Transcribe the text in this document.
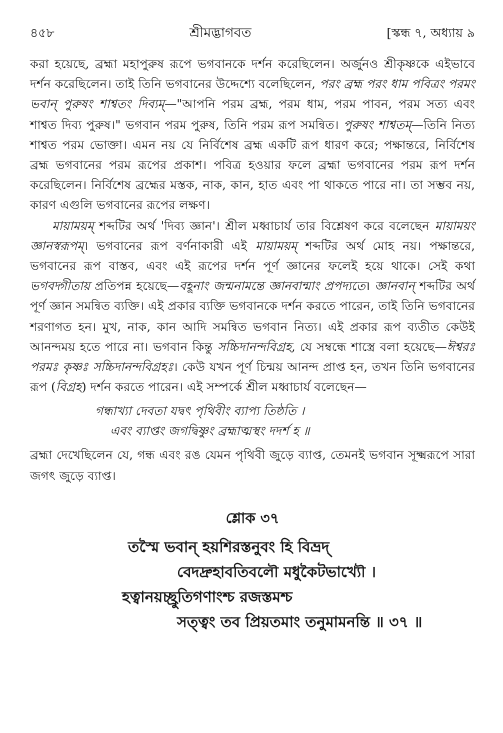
৪৫৮	শ্রীমদ্ভাগবত	[স্কন্ধ ৭, অধ্যায় ৯

করা হয়েছে, ব্রহ্মা মহাপুরুষ রূপে ভগবানকে দর্শন করেছিলেন। অর্জুনও শ্রীকৃষ্ণকে এইভাবে দর্শন করেছিলেন। তাই তিনি ভগবানের উদ্দেশ্যে বলেছিলেন, পরং ব্রহ্ম পরং ধাম পবিত্রং পরমং ভবান্ পুরুষং শাশ্বতং দিব্যম্—"আপনি পরম ব্রহ্ম, পরম ধাম, পরম পাবন, পরম সত্য এবং শাশ্বত দিব্য পুরুষ।" ভগবান পরম পুরুষ, তিনি পরম রূপ সমন্বিত। পুরুষং শাশ্বতম্—তিনি নিত্য শাশ্বত পরম ভোক্তা। এমন নয় যে নির্বিশেষ ব্রহ্ম একটি রূপ ধারণ করে; পক্ষান্তরে, নির্বিশেষ ব্রহ্ম ভগবানের পরম রূপের প্রকাশ। পবিত্র হওয়ার ফলে ব্রহ্মা ভগবানের পরম রূপ দর্শন করেছিলেন। নির্বিশেষ ব্রহ্মের মস্তক, নাক, কান, হাত এবং পা থাকতে পারে না। তা সম্ভব নয়, কারণ এগুলি ভগবানের রূপের লক্ষণ।

মায়াময়ম্ শব্দটির অর্থ 'দিব্য জ্ঞান'। শ্রীল মধ্বাচার্য তার বিশ্লেষণ করে বলেছেন মায়াময়ং জ্ঞানস্বরূপম্। ভগবানের রূপ বর্ণনাকারী এই মায়াময়ম্ শব্দটির অর্থ মোহ নয়। পক্ষান্তরে, ভগবানের রূপ বাস্তব, এবং এই রূপের দর্শন পূর্ণ জ্ঞানের ফলেই হয়ে থাকে। সেই কথা ভগবদ্গীতায় প্রতিপন্ন হয়েছে—বহূনাং জন্মনামন্তে জ্ঞানবান্মাং প্রপদ্যতে। জ্ঞানবান্ শব্দটির অর্থ পূর্ণ জ্ঞান সমন্বিত ব্যক্তি। এই প্রকার ব্যক্তি ভগবানকে দর্শন করতে পারেন, তাই তিনি ভগবানের শরণাগত হন। মুখ, নাক, কান আদি সমন্বিত ভগবান নিত্য। এই প্রকার রূপ ব্যতীত কেউই আনন্দময় হতে পারে না। ভগবান কিন্তু সচ্চিদানন্দবিগ্রহ, যে সম্বন্ধে শাস্ত্রে বলা হয়েছে—ঈশ্বরঃ পরমঃ কৃষ্ণঃ সচ্চিদানন্দবিগ্রহঃ। কেউ যখন পূর্ণ চিন্ময় আনন্দ প্রাপ্ত হন, তখন তিনি ভগবানের রূপ (বিগ্রহ) দর্শন করতে পারেন। এই সম্পর্কে শ্রীল মধ্বাচার্য বলেছেন—

গন্ধাখ্যা দেবতা যদ্বৎ পৃথিবীং ব্যাপ্য তিষ্ঠতি ।
এবং ব্যাপ্তং জগদ্বিষ্ণুং ব্রহ্মাত্মস্থং দদর্শ হ ॥

ব্রহ্মা দেখেছিলেন যে, গন্ধ এবং রঙ যেমন পৃথিবী জুড়ে ব্যাপ্ত, তেমনই ভগবান সূক্ষ্মরূপে সারা জগৎ জুড়ে ব্যাপ্ত।

শ্লোক ৩৭
তস্মৈ ভবান্ হয়শিরস্তনুবং হি বিভ্রদ্
বেদদ্রুহাবতিবলৌ মধুকৈটভাখ্যৌ ।
হত্বানয়চ্ছ্রুতিগণাংশ্চ রজস্তমশ্চ
সত্ত্বং তব প্রিয়তমাং তনুমামনন্তি ॥ ৩৭ ॥
